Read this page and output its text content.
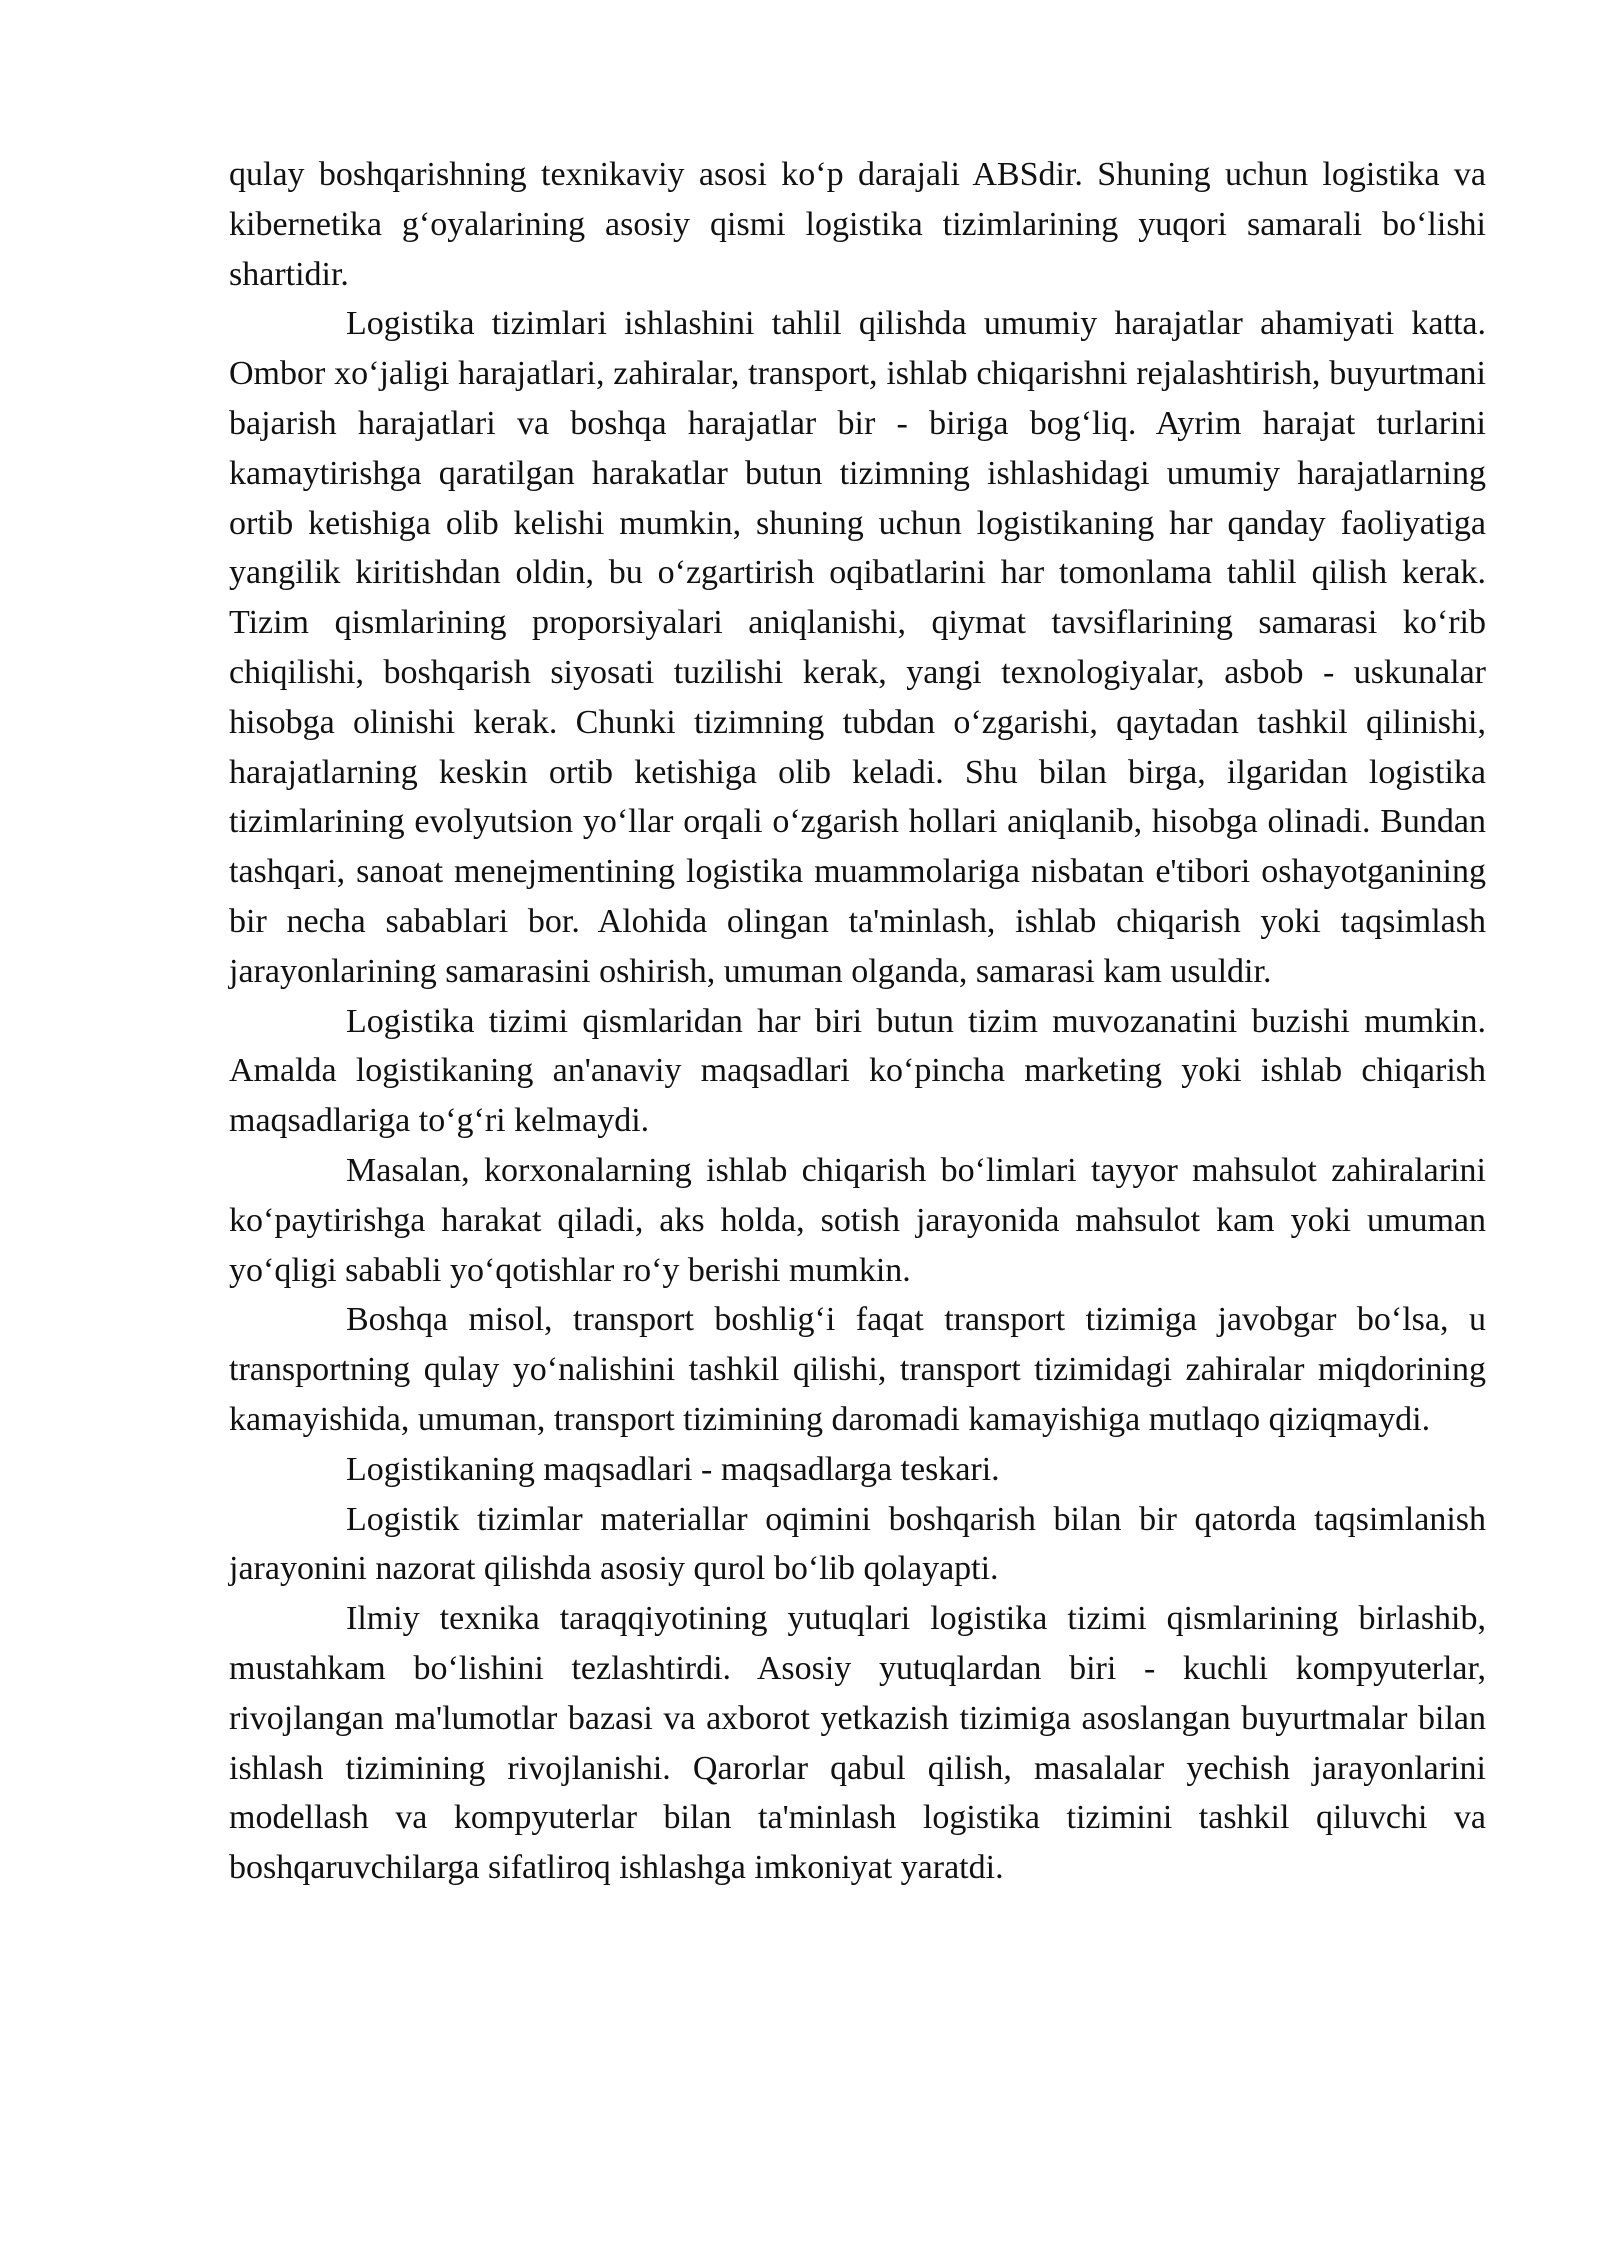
qulay boshqarishning texnikaviy asosi ko‘p darajali ABSdir. Shuning uchun logistika va kibernetika g‘oyalarining asosiy qismi logistika tizimlarining yuqori samarali bo‘lishi shartidir.

Logistika tizimlari ishlashini tahlil qilishda umumiy harajatlar ahamiyati katta. Ombor xo‘jaligi harajatlari, zahiralar, transport, ishlab chiqarishni rejalashtirish, buyurtmani bajarish harajatlari va boshqa harajatlar bir - biriga bog‘liq. Ayrim harajat turlarini kamaytirishga qaratilgan harakatlar butun tizimning ishlashidagi umumiy harajatlarning ortib ketishiga olib kelishi mumkin, shuning uchun logistikaning har qanday faoliyatiga yangilik kiritishdan oldin, bu o‘zgartirish oqibatlarini har tomonlama tahlil qilish kerak. Tizim qismlarining proporsiyalari aniqlanishi, qiymat tavsiflarining samarasi ko‘rib chiqilishi, boshqarish siyosati tuzilishi kerak, yangi texnologiyalar, asbob - uskunalar hisobga olinishi kerak. Chunki tizimning tubdan o‘zgarishi, qaytadan tashkil qilinishi, harajatlarning keskin ortib ketishiga olib keladi. Shu bilan birga, ilgaridan logistika tizimlarining evolyutsion yo‘llar orqali o‘zgarish hollari aniqlanib, hisobga olinadi. Bundan tashqari, sanoat menejmentining logistika muammolariga nisbatan e'tibori oshayotganining bir necha sabablari bor. Alohida olingan ta'minlash, ishlab chiqarish yoki taqsimlash jarayonlarining samarasini oshirish, umuman olganda, samarasi kam usuldir.

Logistika tizimi qismlaridan har biri butun tizim muvozanatini buzishi mumkin. Amalda logistikaning an'anaviy maqsadlari ko‘pincha marketing yoki ishlab chiqarish maqsadlariga to‘g‘ri kelmaydi.

Masalan, korxonalarning ishlab chiqarish bo‘limlari tayyor mahsulot zahiralarini ko‘paytirishga harakat qiladi, aks holda, sotish jarayonida mahsulot kam yoki umuman yo‘qligi sababli yo‘qotishlar ro‘y berishi mumkin.

Boshqa misol, transport boshlig‘i faqat transport tizimiga javobgar bo‘lsa, u transportning qulay yo‘nalishini tashkil qilishi, transport tizimidagi zahiralar miqdorining kamayishida, umuman, transport tizimining daromadi kamayishiga mutlaqo qiziqmaydi.

Logistikaning maqsadlari - maqsadlarga teskari.

Logistik tizimlar materiallar oqimini boshqarish bilan bir qatorda taqsimlanish jarayonini nazorat qilishda asosiy qurol bo‘lib qolayapti.

Ilmiy texnika taraqqiyotining yutuqlari logistika tizimi qismlarining birlashib, mustahkam bo‘lishini tezlashtirdi. Asosiy yutuqlardan biri - kuchli kompyuterlar, rivojlangan ma'lumotlar bazasi va axborot yetkazish tizimiga asoslangan buyurtmalar bilan ishlash tizimining rivojlanishi. Qarorlar qabul qilish, masalalar yechish jarayonlarini modellash va kompyuterlar bilan ta'minlash logistika tizimini tashkil qiluvchi va boshqaruvchilarga sifatliroq ishlashga imkoniyat yaratdi.
